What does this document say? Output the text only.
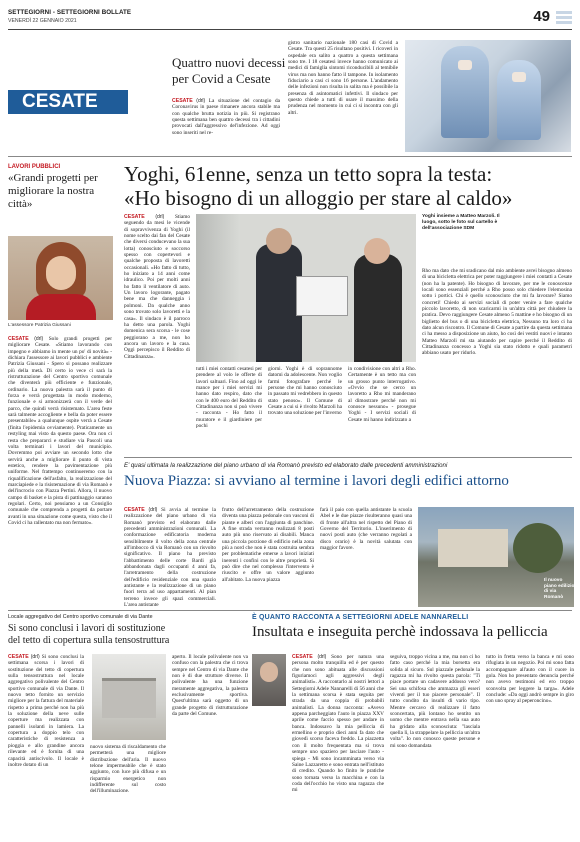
SETTEGIORNI - SETTEGIORNI BOLLATE
VENERDÌ 22 GENNAIO 2021	49
Quattro nuovi decessi
per Covid a Cesate
CESATE	CESATE (drl) La situazione del contagio da Coronavirus in paese rimanere ancora stabile ma con qualche brutta notizia in più. Si registrano questa settimana ben quattro decessi tra i cittadini provocati dall'aggressivo del'infezione. Ad oggi sono inseriti nel re-
gistro sanitario nazionale 180 casi di Covid a Cesate. Tra questi 25 risultano positivi. I ricoveri in ospedale era salito a quattro a questa settimana sono tre. I 18 cesatesi invece hanno comunicato ai medici di famiglia sintomi riconducibili al temibile virus ma non hanno fatto il tampone. In isolamento fiduciario a casi ci sono 16 persone. L'andamento delle infezioni non risulta in salita ma è possibile la presenza di asintomatici infettivi. Il sindaco per questo chiede a tutti di usare il massimo della prudenza nel momento in cui ci si incontra con gli altri.
LAVORI PUBBLICI
«Grandi progetti per migliorare la nostra città»
L'assessore Patrizia Giussani
CESATE (drl) Solo grandi progetti per migliorare Cesate. «Stiamo lavorando con impegno e abbiamo in mente un po' di novità» - dichiara l'assessore ai lavori pubblici e ambiente Patrizia Giussani - Spero si possano realizzare più della metà. Di certo io vece ci sarà la ristrutturazione del Centro sportivo comunale che diventerà più efficiente e funzionale, ordinario. La nuova palestra sarà il punto di forza e verrà progettata in modo moderno, funzionale e si armonizzerà con il verde del parco, che quindi verrà risistemato. L'area feste sarà talmente accogliente e bella da poter essere presentabile» a qualunque ospite verrà a Cesate (finita l'epidemia ovviamente). Praticamente un restyling mai visto da questo paese. Ora non ci resta che prepararci e studiare via Pascoli una volta terminati i lavori del municipio. Dovremmo poi avviare un secondo lotto che servirà anche a migliorare il punto di vista estetico, rendere la pavimentazione più uniforme. Nel frattempo continueremo con la riqualificazione dell'asfalto, la realizzazione del marciapiede e la risistemazione di via Romanò e dell'incrocio con Piazza Pertini. Allora, il nuovo campo di basket e la pista di pattinaggio saranno regolari. Certo, noi pensiamo a un Consiglio comunale che comprenda a progetti da portare avanti in una situazione come questa, visto che il Covid ci ha rallentato ma non fermato».
Yoghi, 61enne, senza un tetto sopra la testa:
«Ho bisogno di un alloggio per stare al caldo»
CESATE (drl) Stiamo seguendo da mesi le vicende di sopravvivenza di Yoghi (il nome scelto dai fan del Cesate che diversi conducevano la sua lotta) conosciuto e soccorso spesso con copertevori e qualche proposta di lavoretti occasionali. «Ho fatto di tutto, ho iniziato a 14 anni come idraulico. Poi per molti anni ho fatto il ventilatore di auto. Un lavoro logorante, pagato bene ma che danneggia i polmoni. Da qualche anno sono trovato solo lavoretti e la casa». Il sindaco è il parroco ha detto una parola. Yoghi domenica sera scorsa - le cose peggiorano a me, non ho ancora un lavoro e la casa. Oggi percepisco il Reddito di Cittadinanza».
Yoghi insieme a Matteo Marzoli. Il
luogo, sotto le foto sul cartello è
dell'associazione SDM
Rho ma dato che mi sradicano dal mio ambiente avrei bisogno almeno di una bicicletta elettrica per poter raggiungere i miei contatti a Cesate (non ha la patente). Ho bisogno di lavorare, per me le conoscenze locali sono essenziali perché a Rho posso solo chiedere l'elemosina sotto i portici. Chi è quello sconosciuto che mi fa lavorare? Siamo concreti! Chiedo ai servizi sociali di poter venire a fare qualche piccolo lavoretto, di non scaricarmi in un'altra città per chiudere la pratica. Devo raggiungere Cesate almeno 5 mattine e ho bisogno di un biglietto del bus o di una bicicletta elettrica, Nessuno tra loro ci ha dato alcun riscontro. Il Comune di Cesate a partire da questa settimana ci ha messo a disposizione un aiuto, ho così dei vestiti nuovi e intanto Matteo Marzoli mi sta aiutando per capire perché il Reddito di Cittadinanza concesso a Yoghi sia stato ridotto e quali parametri abbiano usato per ridurlo.
tutti i miei contatti cesatesi per prendere al volo le offerte di lavori saltuari. Fino ad oggi le mance per i miei servizi mi hanno dato respiro, dato che con le 400 euro del Reddito di Cittadinanza non si può vivere - racconta - Ho fatto il muratore e il giardiniere per pochi
giorni. Yoghi è di soprannome datomi da adolescente. Non voglio farmi fotografare perché le persone che mi hanno conosciuto in passato mi vedrebbero in questo stato penoso». Il Comune di Cesate a cui si è rivolto Marzoli ha trovato una soluzione per l'inverno
in condivisione con altri a Rho. Certamente è un tetto ma con un grosso punto interrogativo. «Ovvio che se cerco un lavoretto a Rho mi manderano al dimostrare perché non mi conosce nessuno» - prosegue Yoghi - I servizi sociali di Cesate mi hanno indirizzato a
E' quasi ultimata la realizzazione del piano urbano di via Romanò previsto ed elaborato dalle precedenti amministrazioni
Nuova Piazza: si avviano al termine i lavori degli edifici attorno
CESATE (drl) Si avvia al termine la realizzazione del piano urbano di via Romanò previsto ed elaborato dalle precedenti amministrazioni comunali. La conformazione edificatoria moderna sensibilmente il volto della zona centrale all'imbocco di via Romanò con un risvolto significativo. Il piano ha previsto l'abbattimento delle corte Bardi già abbandonata dagli occupanti 4 anni fa, l'arretramento della costruzione dell'edificio residenziale con una spazio antistante e la realizzazione di un piano fuori terra ad uso appartamenti. Al pian terreno invece gli spazi commerciali. L'area antistante
frutto dell'arretramento della costruzione diventa una piazza pedonale con vasconi di piante e alberi con l'aggiunta di panchine. A fine strada verranno realizzati 8 posti auto più uno riservato ai disabili. Manca una piccola porzione di edificio nella zona più a nord che non è stata costruita sembra per problematiche emerse a lavori iniziati inerenti i confini con le altre proprietà. Si può dire che nel complesso l'intervento è riuscito e offre un valore aggiunto all'abitato. La nuova piazza
farà il paio con quella antistante la scuola Abel e le due piazze risulteranno quasi una di fronte all'altra nel rispetto del Piano di Governo del Territorio. L'inserimento di nuovi posti auto (che verranno regolati a disco orario) è la novità salutata con maggior favore.
Il nuovo piano edilizio di via Romanò
Locale aggregativo del Centro sportivo comunale di via Dante
Si sono conclusi i lavori di sostituzione
del tetto di copertura sulla tensostruttura
CESATE (drl) Si sono conclusi la settimana scorsa i lavori di sostituzione del tetto di copertura sulla tensostruttura nel locale aggregativo polivalente del Centro sportivo comunale di via Dante. Il nuovo tetto fornito un servizio migliore per la fattura del materiale rispetto a prima perché non ha più la soluzione della neve sulle coperture ma realizzata con pannelli isolanti in lamiera. La copertura a doppio telo con caratteristiche di resistenza a pioggia e allo grandine ancora rilevante ed è fornita di una capacità antiscivolo. Il locale è inoltre dotato di un
nuovo sistema di riscaldamento che permetterà una migliore distribuzione dell'aria. Il nuovo telone impermeabile che è stato aggiunto, con luce più difusa e un risparmio energetico non indifferente sul costo dell'illuminazione.
aperto. Il locale polivalente non va confuso con la palestra che ci trova sempre nel Centro di via Dante che non è di due strutture diverse. Il polivalente ha una funzione meramente aggregativa, la palestra esclusivamente sportiva. Quest'ultima sarà oggetto di un grande progetto di ristrutturazione da parte del Comune.
È QUANTO RACCONTA A SETTEGIORNI ADELE NANNARELLI
Insultata e inseguita perchè indossava la pelliccia
CESATE (drl) Sono per natura una persona molto tranquilla ed è per questo che non sono abituata alle discussioni figuriamoci agli aggressivi degli animalisti». A raccontarlo ai nostri lettori a Settegiorni Adele Nannarelli di 56 anni che la settimana scorsa è stata seguita per strada da una coppia di probabili animalisti. La donna racconta: «Avevo appena parcheggiato l'auto in piazza XXV aprile come faccio spesso per andare in banca. Indossavo la mia pelliccia di ermellino e proprio dieci anni fa dato che giovedì scorso faceva freddo. La piazzetta con il molto frequentata ma si trova sempre uno spaziero per lasciare l'auto - spiega - Mi sono incamminata verso via Saine Lazzaretto e sono entrata nell'istituto di credito. Quando ho finito le pratiche sono tornata verso la macchina e con la coda dell'occhio ho visto una ragazza che mi
seguiva, troppo vicina a me, ma non ci ho fatto caso perché la mia borsetta era solida al sicuro. Sul piazzale pedonale la ragazza mi ha rivolto questa parola: "Ti piace portare un cadavere addosso vero? Sei una schifosa che ammazza gli esseri viventi per il tuo piacere personale". Il tutto condito da insulti di vario tipo. Mentre cercavo di realizzare il fatto sconcertata, più lontano ho sentito un uomo che mentre entrava nella sua auto ha gridato alla sconosciuta: "lasciala quella lì, la strappelare la pelliccia un'altra volta". Io non conosco queste persone e mi sono domandata
tutto in fretta verso la banca e mi sono rifugiata in un negozio. Poi mi sono fatta accompagnare all'auto con il cuore in gola. Non ho presentato denuncia perché non avevo testimoni ed ero troppo sconvolta per leggere la targa». Adele conclude: «Da oggi andrò sempre in giro con uno spray al peperoncino».
